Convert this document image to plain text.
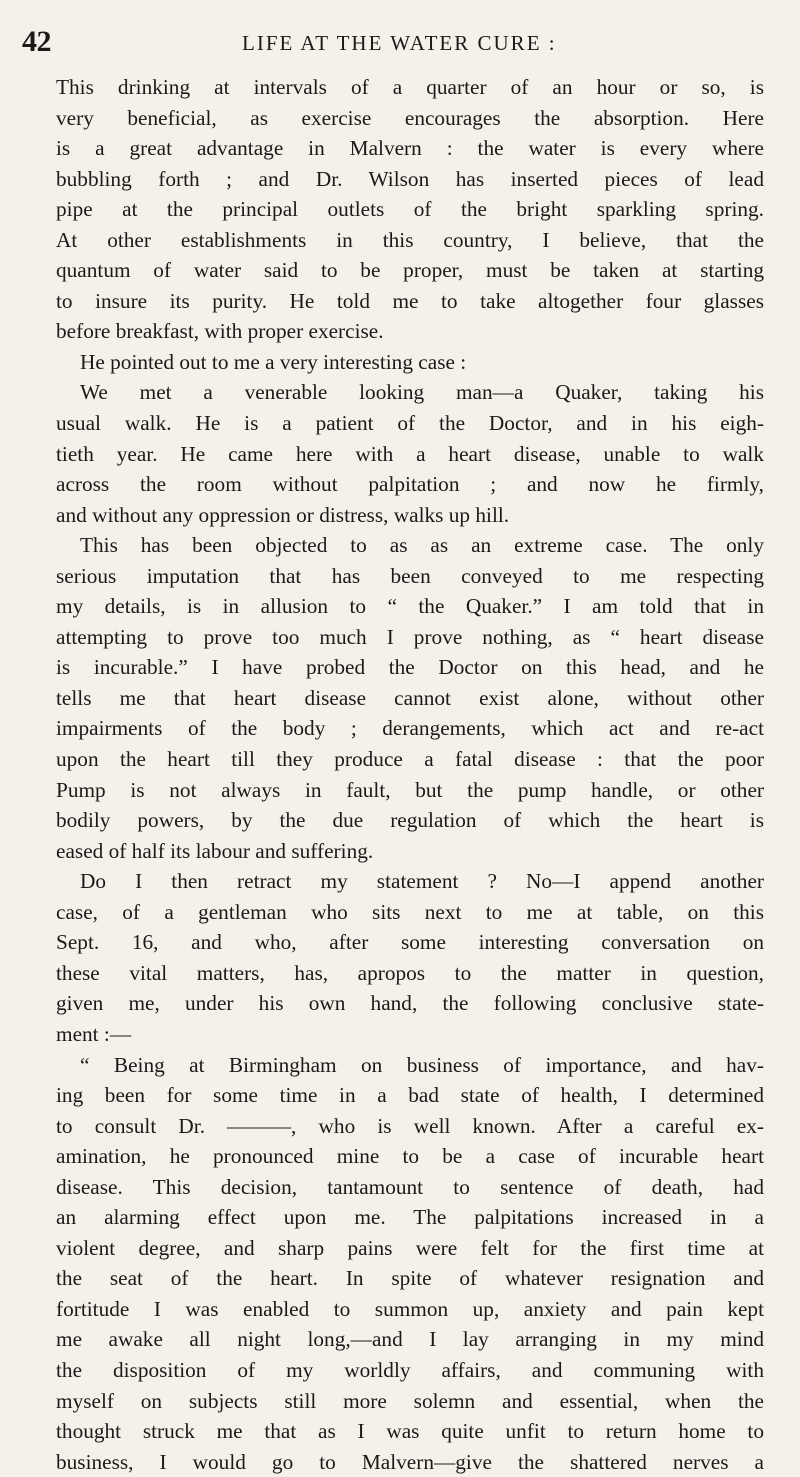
42	LIFE AT THE WATER CURE :
This drinking at intervals of a quarter of an hour or so, is
very beneficial, as exercise encourages the absorption. Here
is a great advantage in Malvern : the water is every where
bubbling forth ; and Dr. Wilson has inserted pieces of lead
pipe at the principal outlets of the bright sparkling spring.
At other establishments in this country, I believe, that the
quantum of water said to be proper, must be taken at starting
to insure its purity. He told me to take altogether four glasses
before breakfast, with proper exercise.
He pointed out to me a very interesting case :
We met a venerable looking man—a Quaker, taking his
usual walk. He is a patient of the Doctor, and in his eigh-
tieth year. He came here with a heart disease, unable to walk
across the room without palpitation ; and now he firmly,
and without any oppression or distress, walks up hill.
This has been objected to as as an extreme case. The only
serious imputation that has been conveyed to me respecting
my details, is in allusion to “ the Quaker.” I am told that in
attempting to prove too much I prove nothing, as “ heart disease
is incurable.” I have probed the Doctor on this head, and he
tells me that heart disease cannot exist alone, without other
impairments of the body ; derangements, which act and re-act
upon the heart till they produce a fatal disease : that the poor
Pump is not always in fault, but the pump handle, or other
bodily powers, by the due regulation of which the heart is
eased of half its labour and suffering.
Do I then retract my statement ? No—I append another
case, of a gentleman who sits next to me at table, on this
Sept. 16, and who, after some interesting conversation on
these vital matters, has, apropos to the matter in question,
given me, under his own hand, the following conclusive state-
ment :—
“ Being at Birmingham on business of importance, and hav-
ing been for some time in a bad state of health, I determined
to consult Dr. ———, who is well known. After a careful ex-
amination, he pronounced mine to be a case of incurable heart
disease. This decision, tantamount to sentence of death, had
an alarming effect upon me. The palpitations increased in a
violent degree, and sharp pains were felt for the first time at
the seat of the heart. In spite of whatever resignation and
fortitude I was enabled to summon up, anxiety and pain kept
me awake all night long,—and I lay arranging in my mind
the disposition of my worldly affairs, and communing with
myself on subjects still more solemn and essential, when the
thought struck me that as I was quite unfit to return home to
business, I would go to Malvern—give the shattered nerves a
